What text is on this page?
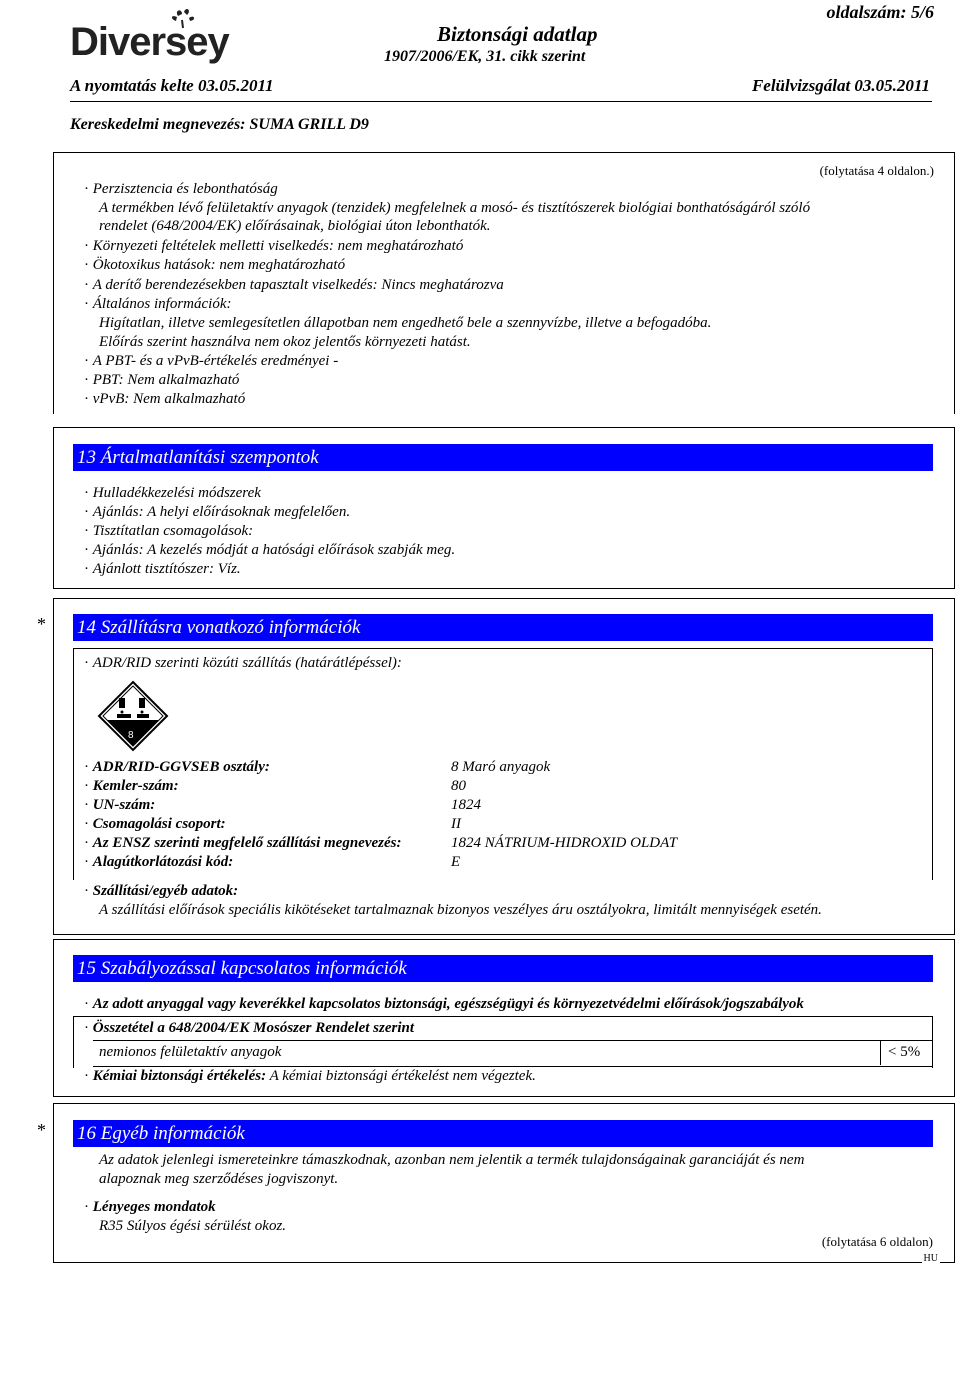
oldalszám: 5/6
Diversey	Biztonsági adatlap
1907/2006/EK, 31. cikk szerint
A nyomtatás kelte 03.05.2011	Felülvizsgálat 03.05.2011
Kereskedelmi megnevezés: SUMA GRILL D9
(folytatása 4 oldalon.)
· Perzisztencia és lebonthatóság
A termékben lévő felületaktív anyagok (tenzidek) megfelelnek a mosó- és tisztítószerek biológiai bonthatóságáról szóló
rendelet (648/2004/EK) előírásainak, biológiai úton lebonthatók.
· Környezeti feltételek melletti viselkedés: nem meghatározható
· Ökotoxikus hatások: nem meghatározható
· A derítő berendezésekben tapasztalt viselkedés: Nincs meghatározva
· Általános információk:
Higítatlan, illetve semlegesítetlen állapotban nem engedhető bele a szennyvízbe, illetve a befogadóba.
Előírás szerint használva nem okoz jelentős környezeti hatást.
· A PBT- és a vPvB-értékelés eredményei -
· PBT: Nem alkalmazható
· vPvB: Nem alkalmazható
13 Ártalmatlanítási szempontok
· Hulladékkezelési módszerek
· Ajánlás: A helyi előírásoknak megfelelően.
· Tisztítatlan csomagolások:
· Ajánlás: A kezelés módját a hatósági előírások szabják meg.
· Ajánlott tisztítószer: Víz.
* 14 Szállításra vonatkozó információk
· ADR/RID szerinti közúti szállítás (határátlépéssel):
8
· ADR/RID-GGVSEB osztály:	8 Maró anyagok
· Kemler-szám:	80
· UN-szám:	1824
· Csomagolási csoport:	II
· Az ENSZ szerinti megfelelő szállítási megnevezés:	1824 NÁTRIUM-HIDROXID OLDAT
· Alagútkorlátozási kód:	E
· Szállítási/egyéb adatok:
A szállítási előírások speciális kikötéseket tartalmaznak bizonyos veszélyes áru osztályokra, limitált mennyiségek esetén.
15 Szabályozással kapcsolatos információk
· Az adott anyaggal vagy keverékkel kapcsolatos biztonsági, egészségügyi és környezetvédelmi előírások/jogszabályok
· Összetétel a 648/2004/EK Mosószer Rendelet szerint
nemionos felületaktív anyagok	< 5%
· Kémiai biztonsági értékelés: A kémiai biztonsági értékelést nem végeztek.
* 16 Egyéb információk
Az adatok jelenlegi ismereteinkre támaszkodnak, azonban nem jelentik a termék tulajdonságainak garanciáját és nem
alapoznak meg szerződéses jogviszonyt.
· Lényeges mondatok
R35 Súlyos égési sérülést okoz.
(folytatása 6 oldalon)
HU
